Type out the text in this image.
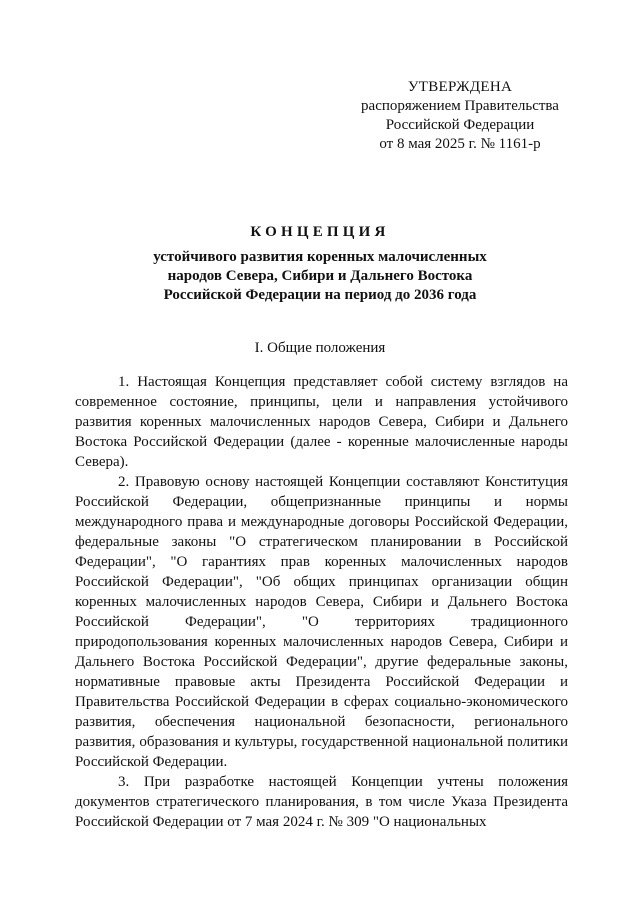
УТВЕРЖДЕНА
распоряжением Правительства
Российской Федерации
от 8 мая 2025 г. № 1161-р
КОНЦЕПЦИЯ
устойчивого развития коренных малочисленных
народов Севера, Сибири и Дальнего Востока
Российской Федерации на период до 2036 года
I. Общие положения

1. Настоящая Концепция представляет собой систему взглядов на современное состояние, принципы, цели и направления устойчивого развития коренных малочисленных народов Севера, Сибири и Дальнего Востока Российской Федерации (далее - коренные малочисленные народы Севера).

2. Правовую основу настоящей Концепции составляют Конституция Российской Федерации, общепризнанные принципы и нормы международного права и международные договоры Российской Федерации, федеральные законы "О стратегическом планировании в Российской Федерации", "О гарантиях прав коренных малочисленных народов Российской Федерации", "Об общих принципах организации общин коренных малочисленных народов Севера, Сибири и Дальнего Востока Российской Федерации", "О территориях традиционного природопользования коренных малочисленных народов Севера, Сибири и Дальнего Востока Российской Федерации", другие федеральные законы, нормативные правовые акты Президента Российской Федерации и Правительства Российской Федерации в сферах социально-экономического развития, обеспечения национальной безопасности, регионального развития, образования и культуры, государственной национальной политики Российской Федерации.

3. При разработке настоящей Концепции учтены положения документов стратегического планирования, в том числе Указа Президента Российской Федерации от 7 мая 2024 г. № 309 "О национальных
